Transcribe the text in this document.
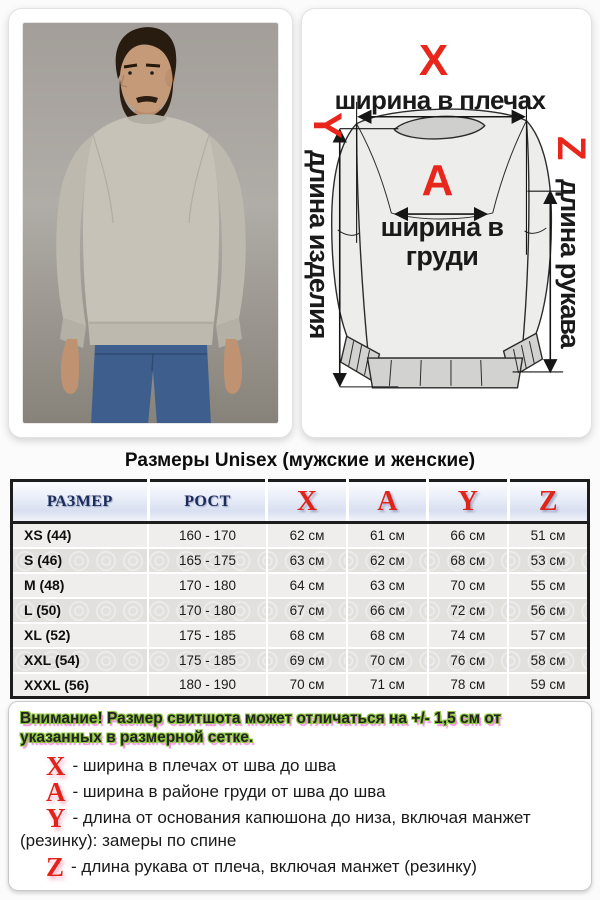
X
ширина в плечах
A
ширина в груди
Y
длина изделия
Z
длина рукава
Размеры Unisex (мужские и женские)
РАЗМЕР	РОСТ	X	A	Y	Z
XS (44)	160 - 170	62 см	61 см	66 см	51 см
S (46)	165 - 175	63 см	62 см	68 см	53 см
M (48)	170 - 180	64 см	63 см	70 см	55 см
L (50)	170 - 180	67 см	66 см	72 см	56 см
XL (52)	175 - 185	68 см	68 см	74 см	57 см
XXL (54)	175 - 185	69 см	70 см	76 см	58 см
XXXL (56)	180 - 190	70 см	71 см	78 см	59 см

Внимание! Размер свитшота может отличаться на +/- 1,5 см от указанных в размерной сетке.

X - ширина в плечах от шва до шва

A - ширина в районе груди от шва до шва

Y - длина от основания капюшона до низа, включая манжет (резинку): замеры по спине

Z - длина рукава от плеча, включая манжет (резинку)
